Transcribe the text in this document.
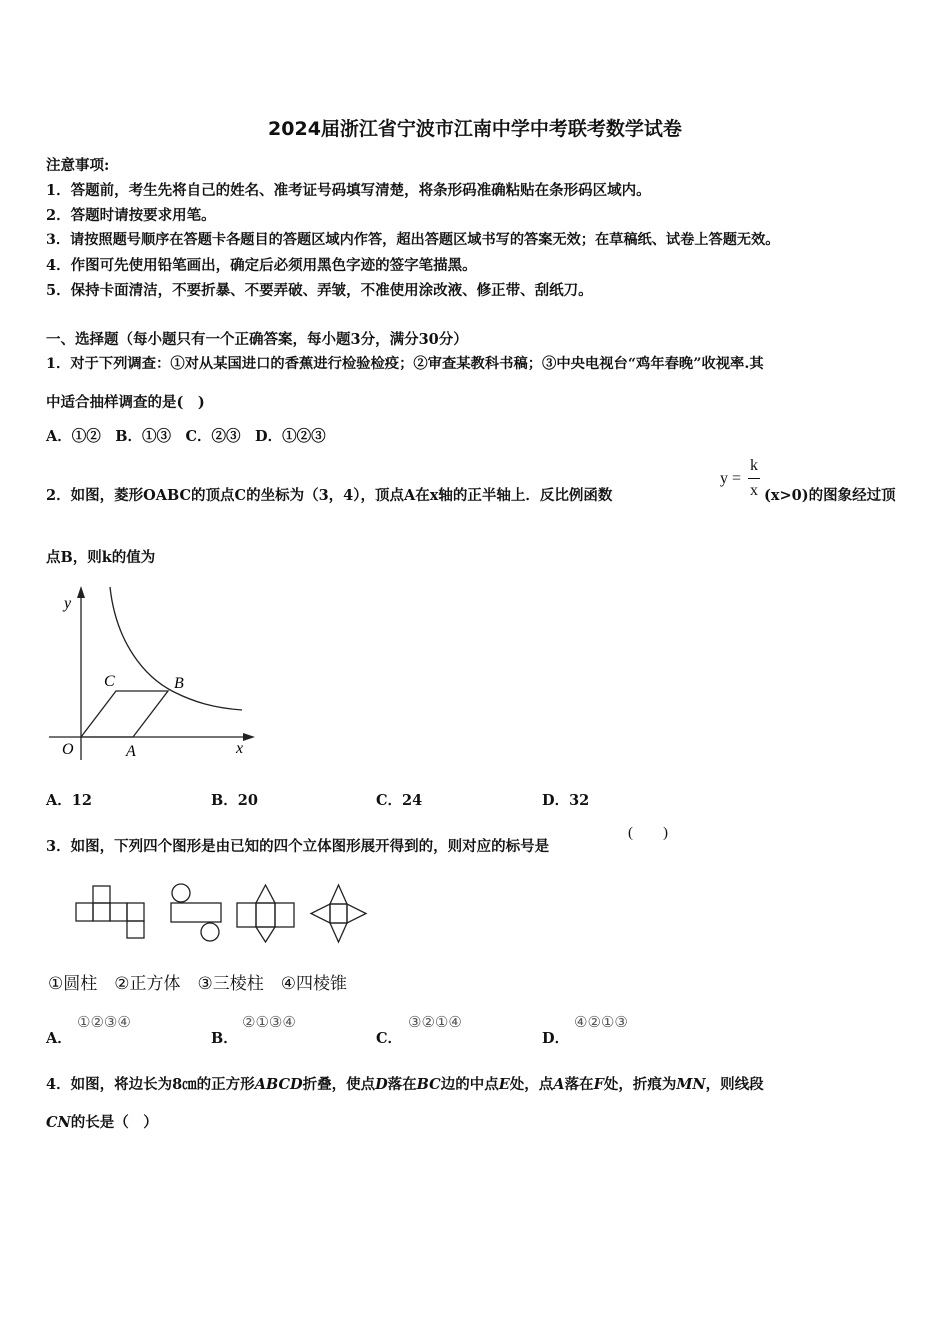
2024届浙江省宁波市江南中学中考联考数学试卷
注意事项:
1．答题前，考生先将自己的姓名、准考证号码填写清楚，将条形码准确粘贴在条形码区域内。
2．答题时请按要求用笔。
3．请按照题号顺序在答题卡各题目的答题区域内作答，超出答题区域书写的答案无效；在草稿纸、试卷上答题无效。
4．作图可先使用铅笔画出，确定后必须用黑色字迹的签字笔描黑。
5．保持卡面清洁，不要折暴、不要弄破、弄皱，不准使用涂改液、修正带、刮纸刀。
一、选择题（每小题只有一个正确答案，每小题3分，满分30分）
1．对于下列调查：①对从某国进口的香蕉进行检验检疫；②审查某教科书稿；③中央电视台“鸡年春晚”收视率.其
中适合抽样调查的是(　)
A．①②　B．①③　C．②③　D．①②③
2．如图，菱形OABC的顶点C的坐标为（3，4），顶点A在x轴的正半轴上．反比例函数
y =
k
x (x>0)的图象经过顶
点B，则k的值为
y
x
O	A
B
C
A．12	B．20	C．24	D．32
3．如图，下列四个图形是由已知的四个立体图形展开得到的，则对应的标号是
(　　)
①圆柱　②正方体　③三棱柱　④四棱锥
A．
①②③④
B．
②①③④
C．
③②①④
D．
④②①③
4．如图，将边长为8㎝的正方形ABCD折叠，使点D落在BC边的中点E处，点A落在F处，折痕为MN，则线段
CN的长是（　）
